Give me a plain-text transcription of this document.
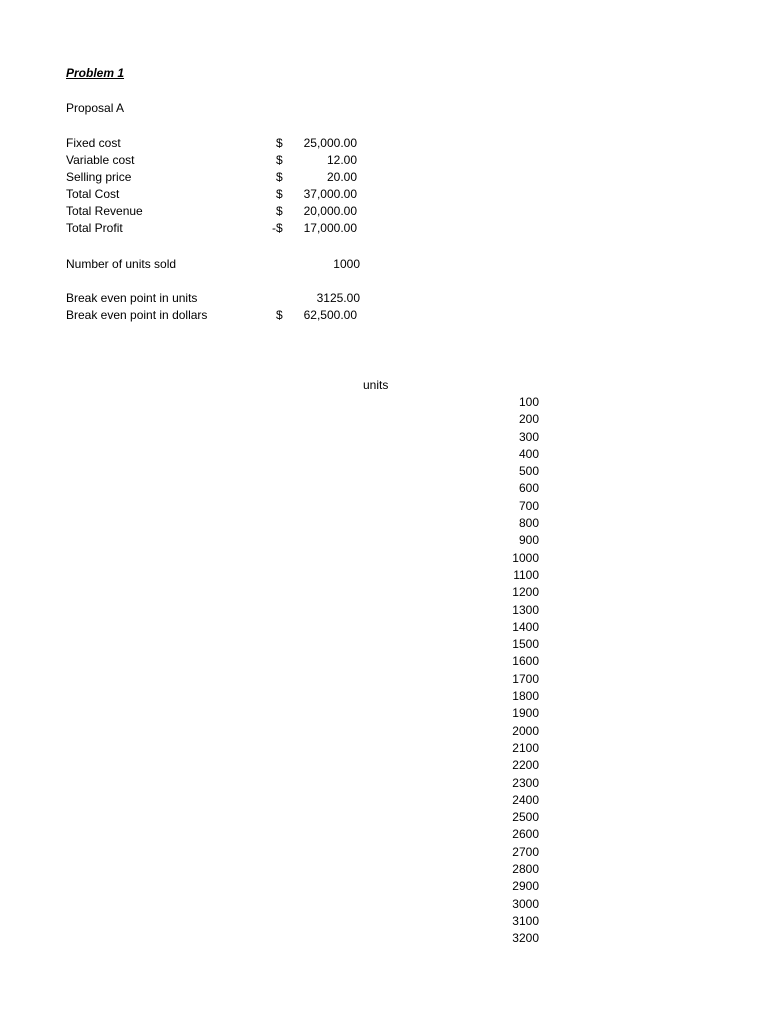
Problem 1
Proposal A
Fixed cost	$	25,000.00
Variable cost	$	12.00
Selling price	$	20.00
Total Cost	$	37,000.00
Total Revenue	$	20,000.00
Total Profit	-$	17,000.00
Number of units sold	1000
Break even point in units	3125.00
Break even point in dollars	$	62,500.00
units
100
200
300
400
500
600
700
800
900
1000
1100
1200
1300
1400
1500
1600
1700
1800
1900
2000
2100
2200
2300
2400
2500
2600
2700
2800
2900
3000
3100
3200
